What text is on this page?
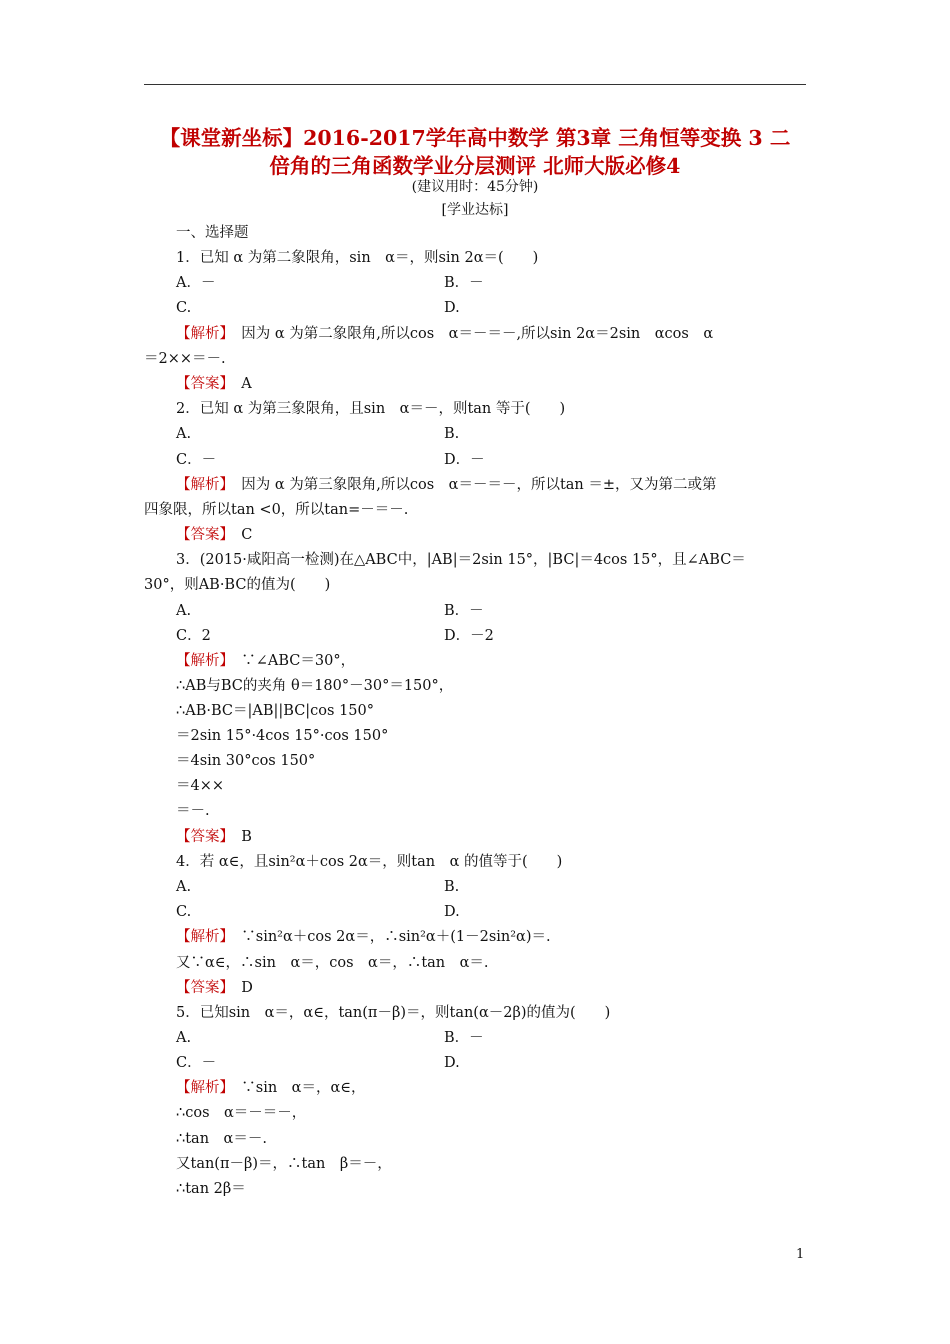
【课堂新坐标】2016-2017学年高中数学 第3章 三角恒等变换 3 二
倍角的三角函数学业分层测评 北师大版必修4
(建议用时：45分钟)
[学业达标]
一、选择题
1．已知 α 为第二象限角，sin　α＝，则sin 2α＝(　　)
A．－	B．－
C.	D.
【解析】　因为 α 为第二象限角,所以cos　α＝－＝－,所以sin 2α＝2sin　αcos　α
＝2××＝－.
【答案】　A
2．已知 α 为第三象限角，且sin　α＝－，则tan 等于(　　)
A.	B.
C．－	D．－
【解析】　因为 α 为第三象限角,所以cos　α＝－＝－，所以tan ＝±，又为第二或第
四象限，所以tan <0，所以tan=－＝－.
【答案】　C
3．(2015·咸阳高一检测)在△ABC中，|AB|＝2sin 15°，|BC|＝4cos 15°，且∠ABC＝
30°，则AB·BC的值为(　　)
A.	B．－
C．2	D．－2
【解析】　∵∠ABC＝30°，
∴AB与BC的夹角 θ＝180°－30°＝150°，
∴AB·BC＝|AB||BC|cos 150°
＝2sin 15°·4cos 15°·cos 150°
＝4sin 30°cos 150°
＝4××
＝－.
【答案】　B
4．若 α∈，且sin²α＋cos 2α＝，则tan　α 的值等于(　　)
A.	B.
C.	D.
【解析】　∵sin²α＋cos 2α＝，∴sin²α＋(1－2sin²α)＝.
又∵α∈，∴sin　α＝，cos　α＝，∴tan　α＝.
【答案】　D
5．已知sin　α＝，α∈，tan(π－β)＝，则tan(α－2β)的值为(　　)
A.	B．－
C．－	D.
【解析】　∵sin　α＝，α∈，
∴cos　α＝－＝－，
∴tan　α＝－.
又tan(π－β)＝，∴tan　β＝－，
∴tan 2β＝
1
